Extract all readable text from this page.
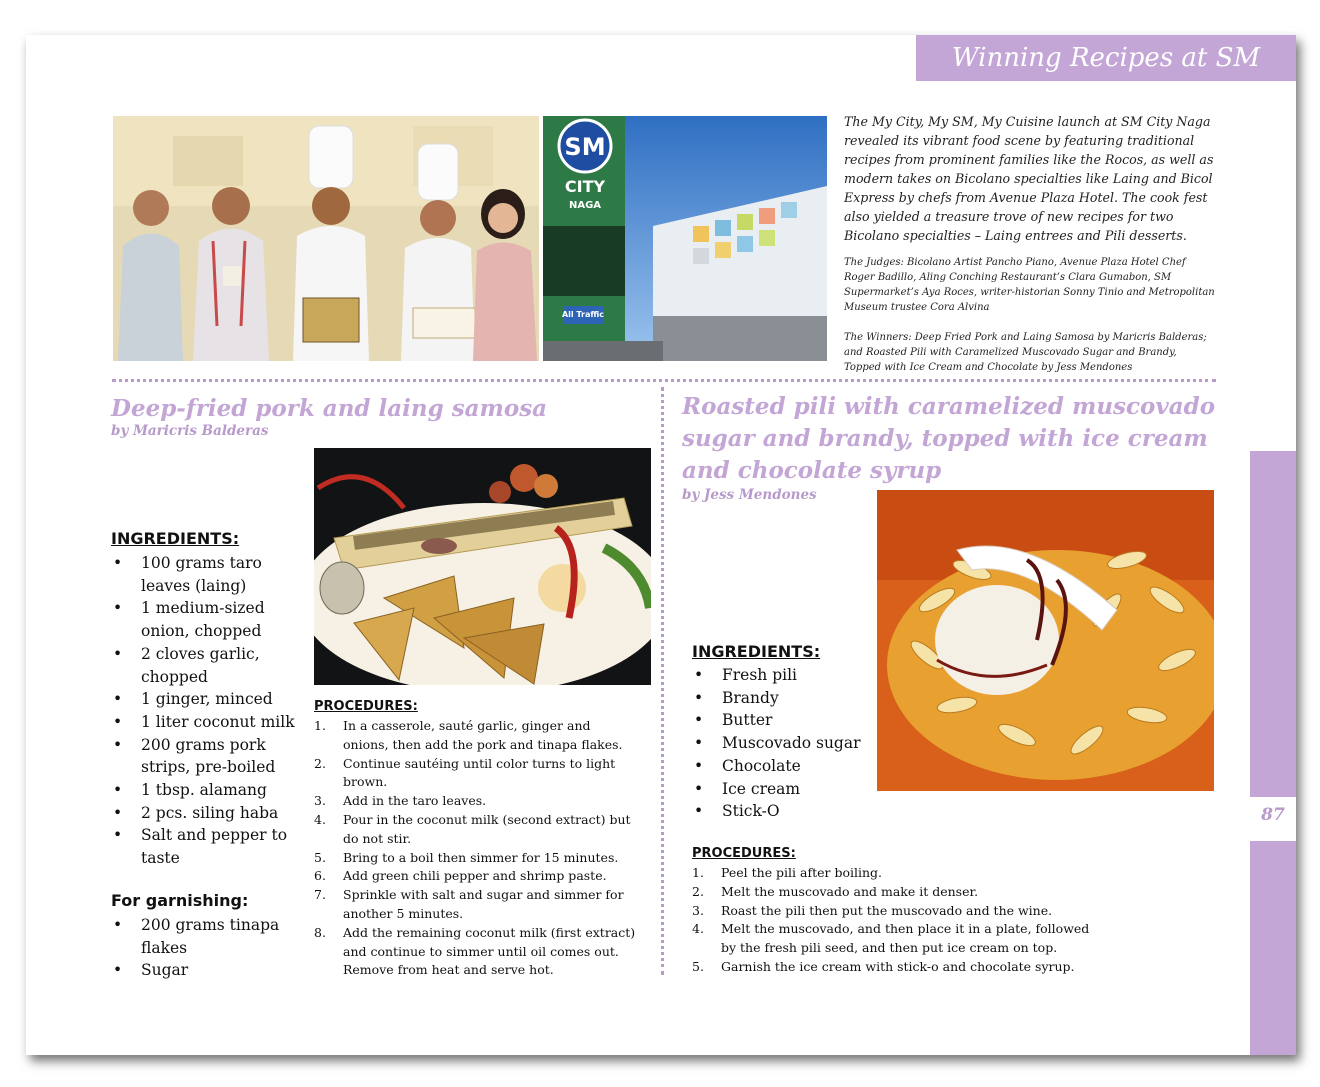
Winning Recipes at SM Naga
87
SM
CITY
NAGA
All Traffic
The My City, My SM, My Cuisine launch at SM City Naga revealed its vibrant food scene by featuring traditional recipes from prominent families like the Rocos, as well as modern takes on Bicolano specialties like Laing and Bicol Express by chefs from Avenue Plaza Hotel. The cook fest also yielded a treasure trove of new recipes for two Bicolano specialties – Laing entrees and Pili desserts.
The Judges: Bicolano Artist Pancho Piano, Avenue Plaza Hotel Chef Roger Badillo, Aling Conching Restaurant’s Clara Gumabon, SM Supermarket’s Aya Roces, writer-historian Sonny Tinio and Metropolitan Museum trustee Cora Alvina
The Winners: Deep Fried Pork and Laing Samosa by Maricris Balderas; and Roasted Pili with Caramelized Muscovado Sugar and Brandy, Topped with Ice Cream and Chocolate by Jess Mendones
Deep-fried pork and laing samosa
by Maricris Balderas
INGREDIENTS:
• 100 grams taro leaves (laing)
• 1 medium-sized onion, chopped
• 2 cloves garlic, chopped
• 1 ginger, minced
• 1 liter coconut milk
• 200 grams pork strips, pre-boiled
• 1 tbsp. alamang
• 2 pcs. siling haba
• Salt and pepper to taste
For garnishing:
• 200 grams tinapa flakes
• Sugar
PROCEDURES:
1. In a casserole, sauté garlic, ginger and onions, then add the pork and tinapa flakes.
2. Continue sautéing until color turns to light brown.
3. Add in the taro leaves.
4. Pour in the coconut milk (second extract) but do not stir.
5. Bring to a boil then simmer for 15 minutes.
6. Add green chili pepper and shrimp paste.
7. Sprinkle with salt and sugar and simmer for another 5 minutes.
8. Add the remaining coconut milk (first extract) and continue to simmer until oil comes out. Remove from heat and serve hot.
Roasted pili with caramelized muscovado sugar and brandy, topped with ice cream and chocolate syrup
by Jess Mendones
INGREDIENTS:
• Fresh pili
• Brandy
• Butter
• Muscovado sugar
• Chocolate
• Ice cream
• Stick-O
PROCEDURES:
1. Peel the pili after boiling.
2. Melt the muscovado and make it denser.
3. Roast the pili then put the muscovado and the wine.
4. Melt the muscovado, and then place it in a plate, followed by the fresh pili seed, and then put ice cream on top.
5. Garnish the ice cream with stick-o and chocolate syrup.
